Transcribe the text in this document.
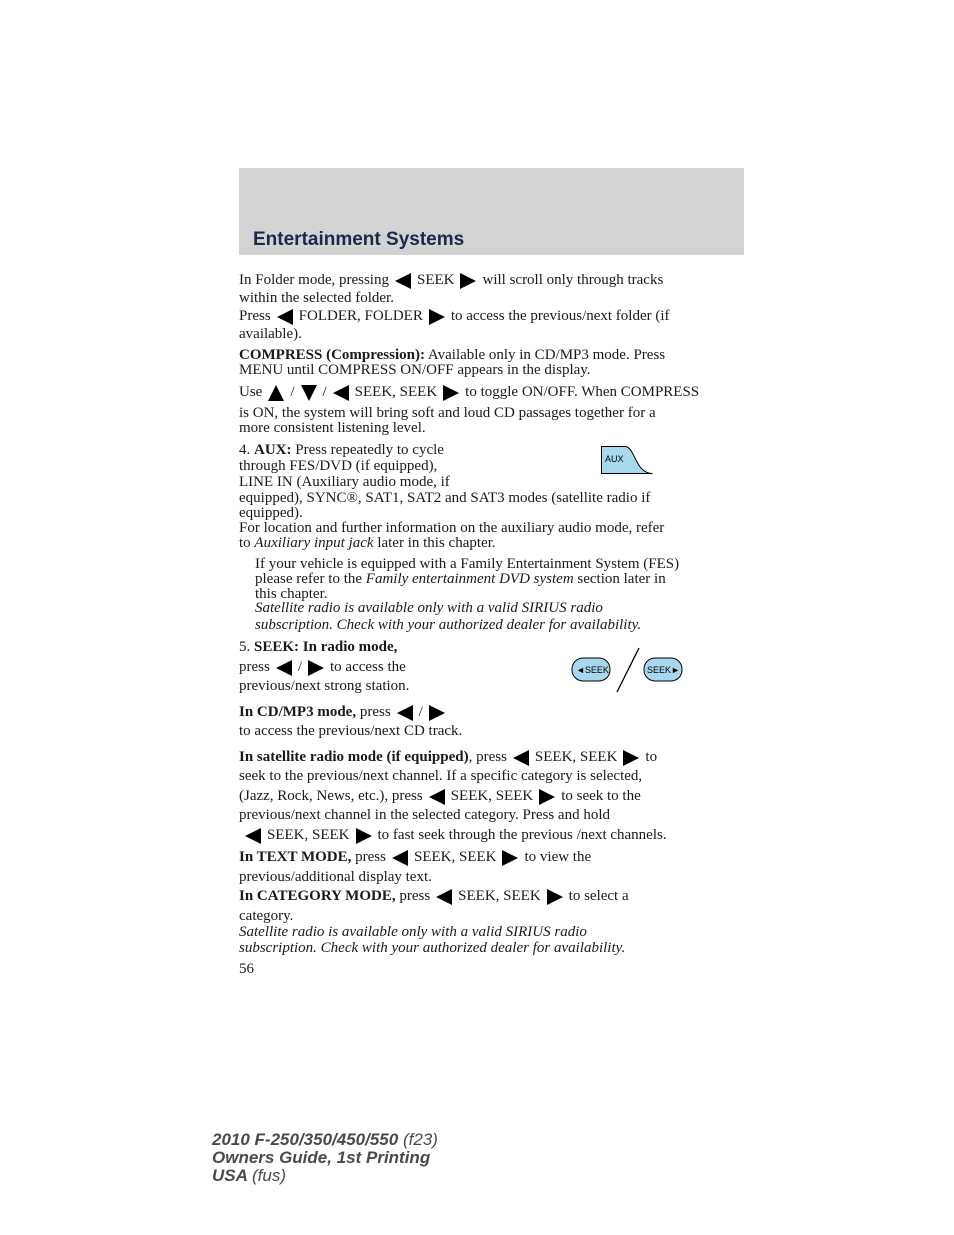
Entertainment Systems
In Folder mode, pressing SEEK will scroll only through tracks
within the selected folder.
Press FOLDER, FOLDER to access the previous/next folder (if
available).
COMPRESS (Compression): Available only in CD/MP3 mode. Press
MENU until COMPRESS ON/OFF appears in the display.
Use / / SEEK, SEEK to toggle ON/OFF. When COMPRESS
is ON, the system will bring soft and loud CD passages together for a
more consistent listening level.
4. AUX: Press repeatedly to cycle
through FES/DVD (if equipped),
LINE IN (Auxiliary audio mode, if
equipped), SYNC®, SAT1, SAT2 and SAT3 modes (satellite radio if
equipped).
For location and further information on the auxiliary audio mode, refer
to Auxiliary input jack later in this chapter.
AUX
If your vehicle is equipped with a Family Entertainment System (FES)
please refer to the Family entertainment DVD system section later in
this chapter.
Satellite radio is available only with a valid SIRIUS radio
subscription. Check with your authorized dealer for availability.
5. SEEK: In radio mode,
press / to access the
previous/next strong station.
◄SEEK	SEEK►
In CD/MP3 mode, press /
to access the previous/next CD track.
In satellite radio mode (if equipped), press SEEK, SEEK to
seek to the previous/next channel. If a specific category is selected,
(Jazz, Rock, News, etc.), press SEEK, SEEK to seek to the
previous/next channel in the selected category. Press and hold
SEEK, SEEK to fast seek through the previous /next channels.
In TEXT MODE, press SEEK, SEEK to view the
previous/additional display text.
In CATEGORY MODE, press SEEK, SEEK to select a
category.
Satellite radio is available only with a valid SIRIUS radio
subscription. Check with your authorized dealer for availability.
56
2010 F-250/350/450/550 (f23)
Owners Guide, 1st Printing
USA (fus)
